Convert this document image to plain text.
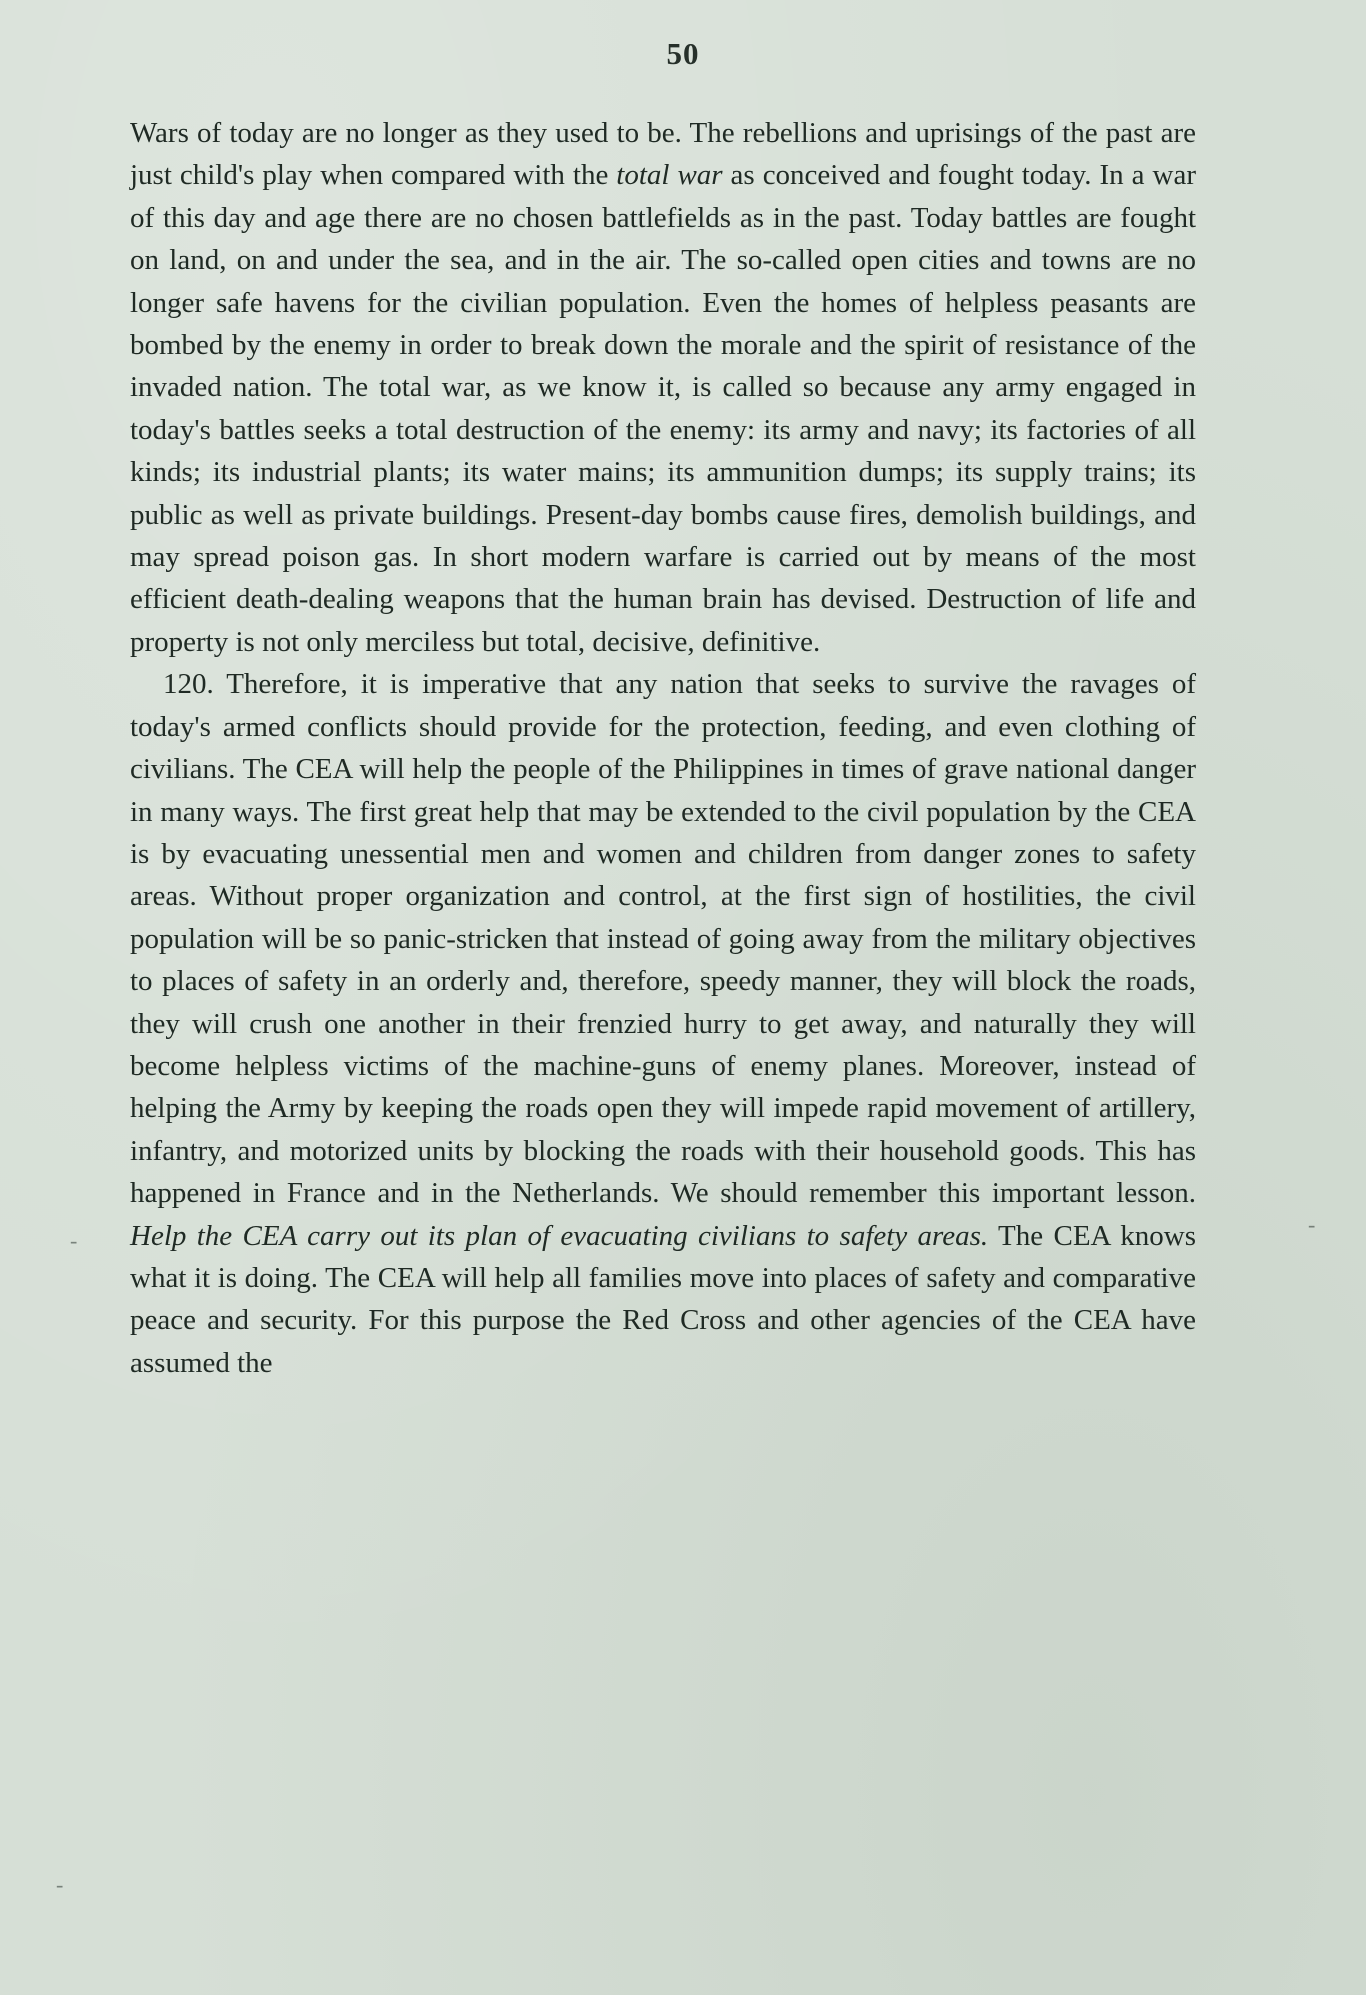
50

Wars of today are no longer as they used to be. The rebellions and uprisings of the past are just child's play when compared with the total war as conceived and fought today. In a war of this day and age there are no chosen battlefields as in the past. Today battles are fought on land, on and under the sea, and in the air. The so-called open cities and towns are no longer safe havens for the civilian population. Even the homes of helpless peasants are bombed by the enemy in order to break down the morale and the spirit of resistance of the invaded nation. The total war, as we know it, is called so because any army engaged in today's battles seeks a total destruction of the enemy: its army and navy; its factories of all kinds; its industrial plants; its water mains; its ammunition dumps; its supply trains; its public as well as private buildings. Present-day bombs cause fires, demolish buildings, and may spread poison gas. In short modern warfare is carried out by means of the most efficient death-dealing weapons that the human brain has devised. Destruction of life and property is not only merciless but total, decisive, definitive.

120. Therefore, it is imperative that any nation that seeks to survive the ravages of today's armed conflicts should provide for the protection, feeding, and even clothing of civilians. The CEA will help the people of the Philippines in times of grave national danger in many ways. The first great help that may be extended to the civil population by the CEA is by evacuating unessential men and women and children from danger zones to safety areas. Without proper organization and control, at the first sign of hostilities, the civil population will be so panic-stricken that instead of going away from the military objectives to places of safety in an orderly and, therefore, speedy manner, they will block the roads, they will crush one another in their frenzied hurry to get away, and naturally they will become helpless victims of the machine-guns of enemy planes. Moreover, instead of helping the Army by keeping the roads open they will impede rapid movement of artillery, infantry, and motorized units by blocking the roads with their household goods. This has happened in France and in the Netherlands. We should remember this important lesson. Help the CEA carry out its plan of evacuating civilians to safety areas. The CEA knows what it is doing. The CEA will help all families move into places of safety and comparative peace and security. For this purpose the Red Cross and other agencies of the CEA have assumed the

-
-
-
